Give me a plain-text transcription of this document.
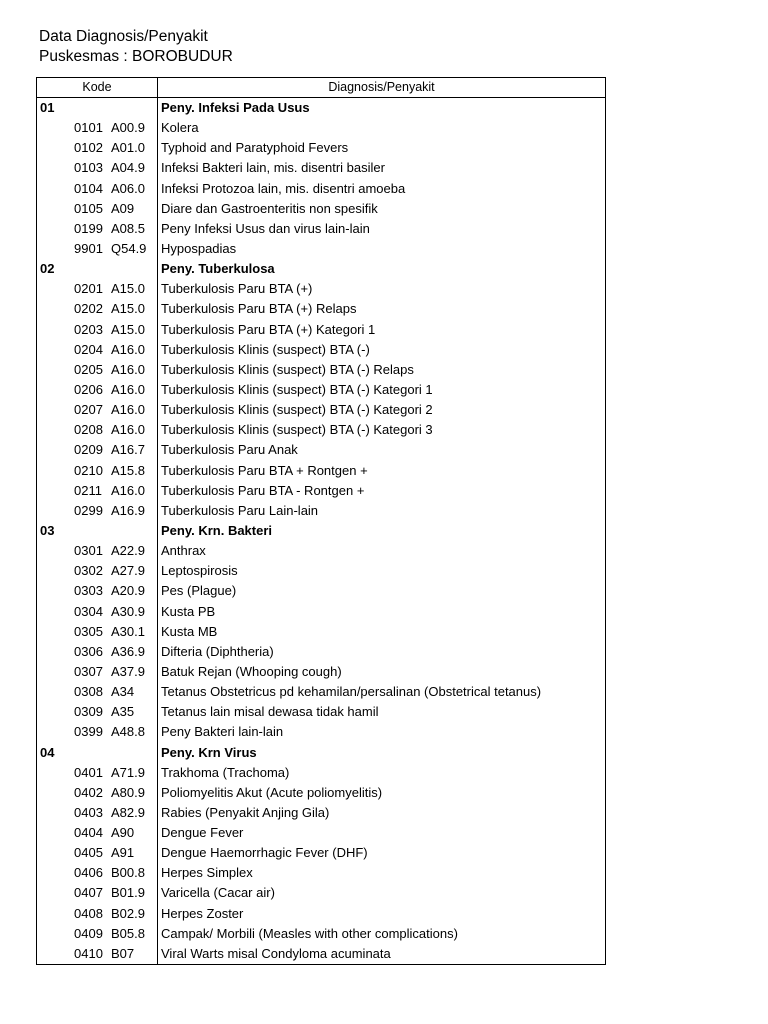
Data Diagnosis/Penyakit
Puskesmas : BOROBUDUR
Kode	Diagnosis/Penyakit
01	Peny. Infeksi Pada Usus
0101 A00.9 Kolera
0102 A01.0 Typhoid and Paratyphoid Fevers
0103 A04.9 Infeksi Bakteri lain, mis. disentri basiler
0104 A06.0 Infeksi Protozoa lain, mis. disentri amoeba
0105 A09 Diare dan Gastroenteritis non spesifik
0199 A08.5 Peny Infeksi Usus dan virus lain-lain
9901 Q54.9 Hypospadias
02	Peny. Tuberkulosa
0201 A15.0 Tuberkulosis Paru BTA (+)
0202 A15.0 Tuberkulosis Paru BTA (+) Relaps
0203 A15.0 Tuberkulosis Paru BTA (+) Kategori 1
0204 A16.0 Tuberkulosis Klinis (suspect) BTA (-)
0205 A16.0 Tuberkulosis Klinis (suspect) BTA (-) Relaps
0206 A16.0 Tuberkulosis Klinis (suspect) BTA (-) Kategori 1
0207 A16.0 Tuberkulosis Klinis (suspect) BTA (-) Kategori 2
0208 A16.0 Tuberkulosis Klinis (suspect) BTA (-) Kategori 3
0209 A16.7 Tuberkulosis Paru Anak
0210 A15.8 Tuberkulosis Paru BTA + Rontgen +
0211 A16.0 Tuberkulosis Paru BTA - Rontgen +
0299 A16.9 Tuberkulosis Paru Lain-lain
03	Peny. Krn. Bakteri
0301 A22.9 Anthrax
0302 A27.9 Leptospirosis
0303 A20.9 Pes (Plague)
0304 A30.9 Kusta PB
0305 A30.1 Kusta MB
0306 A36.9 Difteria (Diphtheria)
0307 A37.9 Batuk Rejan (Whooping cough)
0308 A34 Tetanus Obstetricus pd kehamilan/persalinan (Obstetrical tetanus)
0309 A35 Tetanus lain misal dewasa tidak hamil
0399 A48.8 Peny Bakteri lain-lain
04	Peny. Krn Virus
0401 A71.9 Trakhoma (Trachoma)
0402 A80.9 Poliomyelitis Akut (Acute poliomyelitis)
0403 A82.9 Rabies (Penyakit Anjing Gila)
0404 A90 Dengue Fever
0405 A91 Dengue Haemorrhagic Fever (DHF)
0406 B00.8 Herpes Simplex
0407 B01.9 Varicella (Cacar air)
0408 B02.9 Herpes Zoster
0409 B05.8 Campak/ Morbili (Measles with other complications)
0410 B07 Viral Warts misal Condyloma acuminata
